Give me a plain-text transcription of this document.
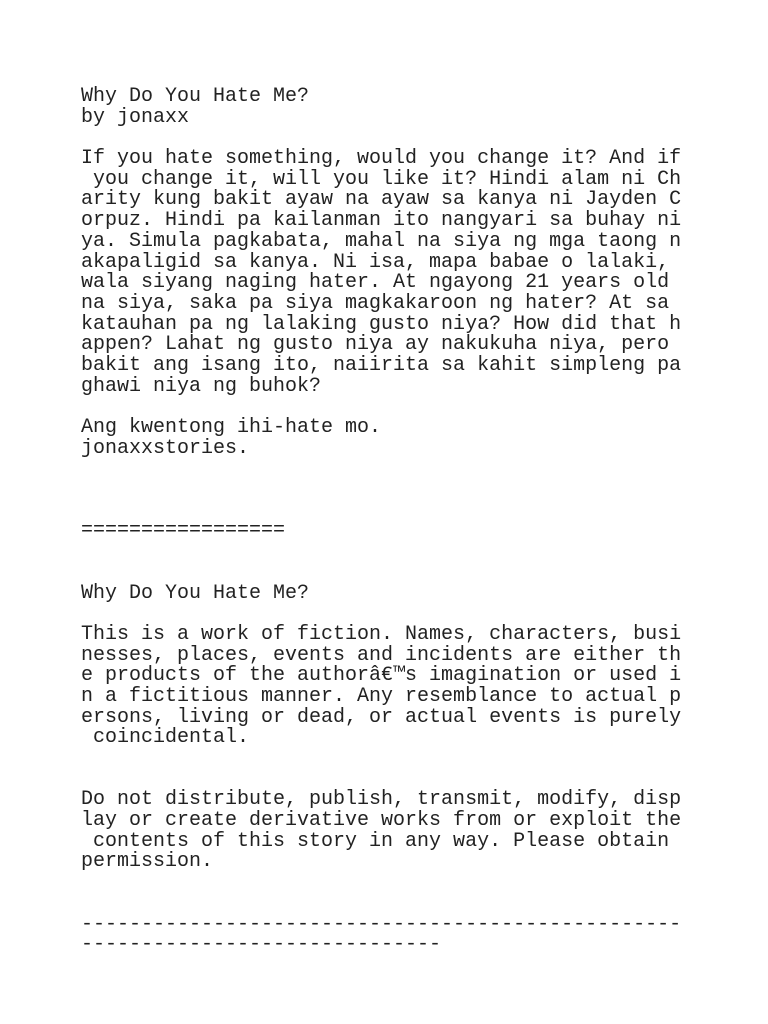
Why Do You Hate Me?
by jonaxx
If you hate something, would you change it? And if
you change it, will you like it? Hindi alam ni Ch
arity kung bakit ayaw na ayaw sa kanya ni Jayden C
orpuz. Hindi pa kailanman ito nangyari sa buhay ni
ya. Simula pagkabata, mahal na siya ng mga taong n
akapaligid sa kanya. Ni isa, mapa babae o lalaki,
wala siyang naging hater. At ngayong 21 years old
na siya, saka pa siya magkakaroon ng hater? At sa
katauhan pa ng lalaking gusto niya? How did that h
appen? Lahat ng gusto niya ay nakukuha niya, pero
bakit ang isang ito, naiirita sa kahit simpleng pa
ghawi niya ng buhok?
Ang kwentong ihi-hate mo.
jonaxxstories.
=================
Why Do You Hate Me?
This is a work of fiction. Names, characters, busi
nesses, places, events and incidents are either th
e products of the authorâ€™s imagination or used i
n a fictitious manner. Any resemblance to actual p
ersons, living or dead, or actual events is purely
coincidental.
Do not distribute, publish, transmit, modify, disp
lay or create derivative works from or exploit the
contents of this story in any way. Please obtain
permission.
--------------------------------------------------
------------------------------
